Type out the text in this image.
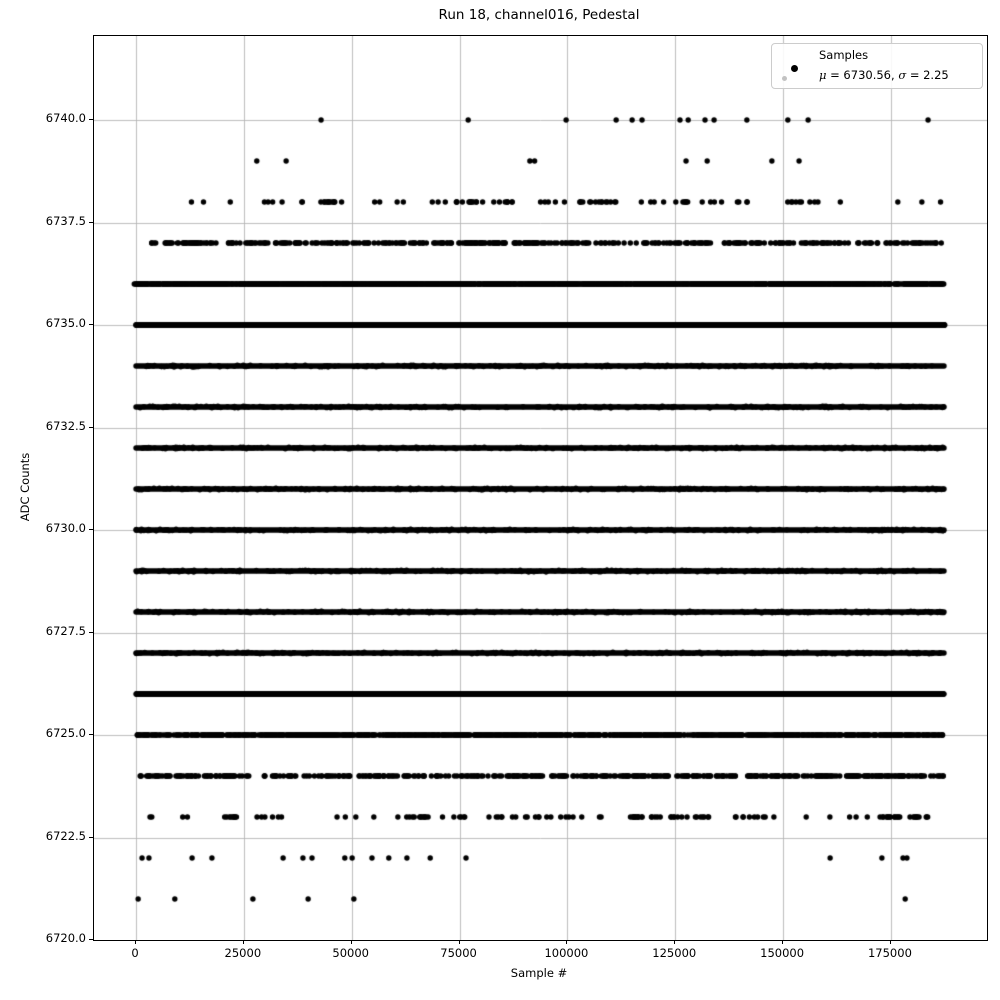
Run 18, channel016, Pedestal
Samples
μ = 6730.56, σ = 2.25
0	25000	50000	75000	100000	125000	150000	175000
6720.0
6722.5
6725.0
6727.5
6730.0
6732.5
6735.0
6737.5
6740.0
Sample #
ADC Counts
